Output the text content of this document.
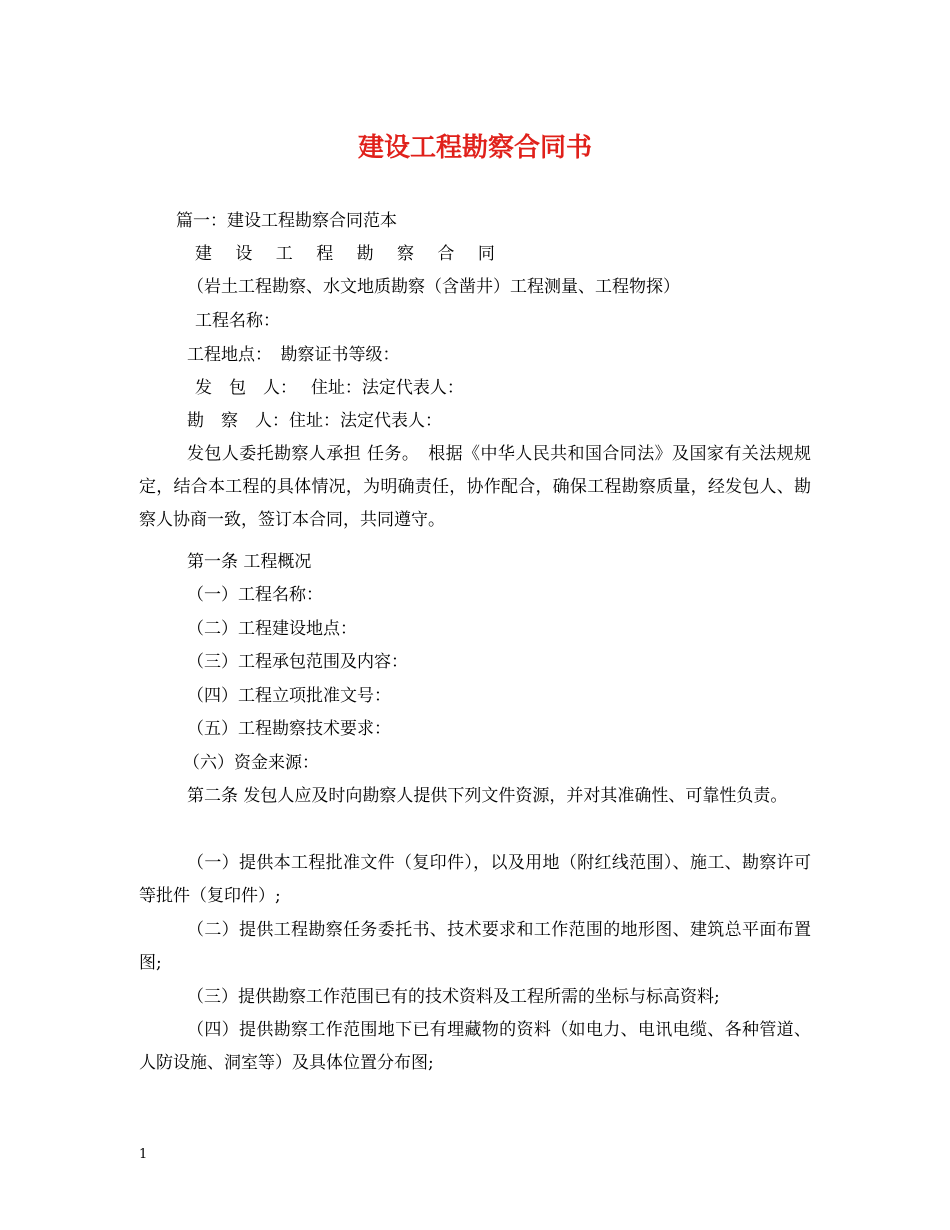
建设工程勘察合同书
篇一：建设工程勘察合同范本
建 设 工 程 勘 察 合 同
（岩土工程勘察、水文地质勘察（含凿井）工程测量、工程物探）
工程名称：
工程地点：　勘察证书等级：
发　包　人：　 住址：法定代表人：
勘　察　人：住址：法定代表人：
发包人委托勘察人承担 任务。　根据《中华人民共和国合同法》及国家有关法规规定，结合本工程的具体情况，为明确责任，协作配合，确保工程勘察质量，经发包人、勘察人协商一致，签订本合同，共同遵守。
第一条 工程概况
（一）工程名称：
（二）工程建设地点：
（三）工程承包范围及内容：
（四）工程立项批准文号：
（五）工程勘察技术要求：
（六）资金来源：
第二条 发包人应及时向勘察人提供下列文件资源，并对其准确性、可靠性负责。
（一）提供本工程批准文件（复印件），以及用地（附红线范围）、施工、勘察许可等批件（复印件）;
（二）提供工程勘察任务委托书、技术要求和工作范围的地形图、建筑总平面布置图;
（三）提供勘察工作范围已有的技术资料及工程所需的坐标与标高资料;
（四）提供勘察工作范围地下已有埋藏物的资料（如电力、电讯电缆、各种管道、人防设施、洞室等）及具体位置分布图;
1
